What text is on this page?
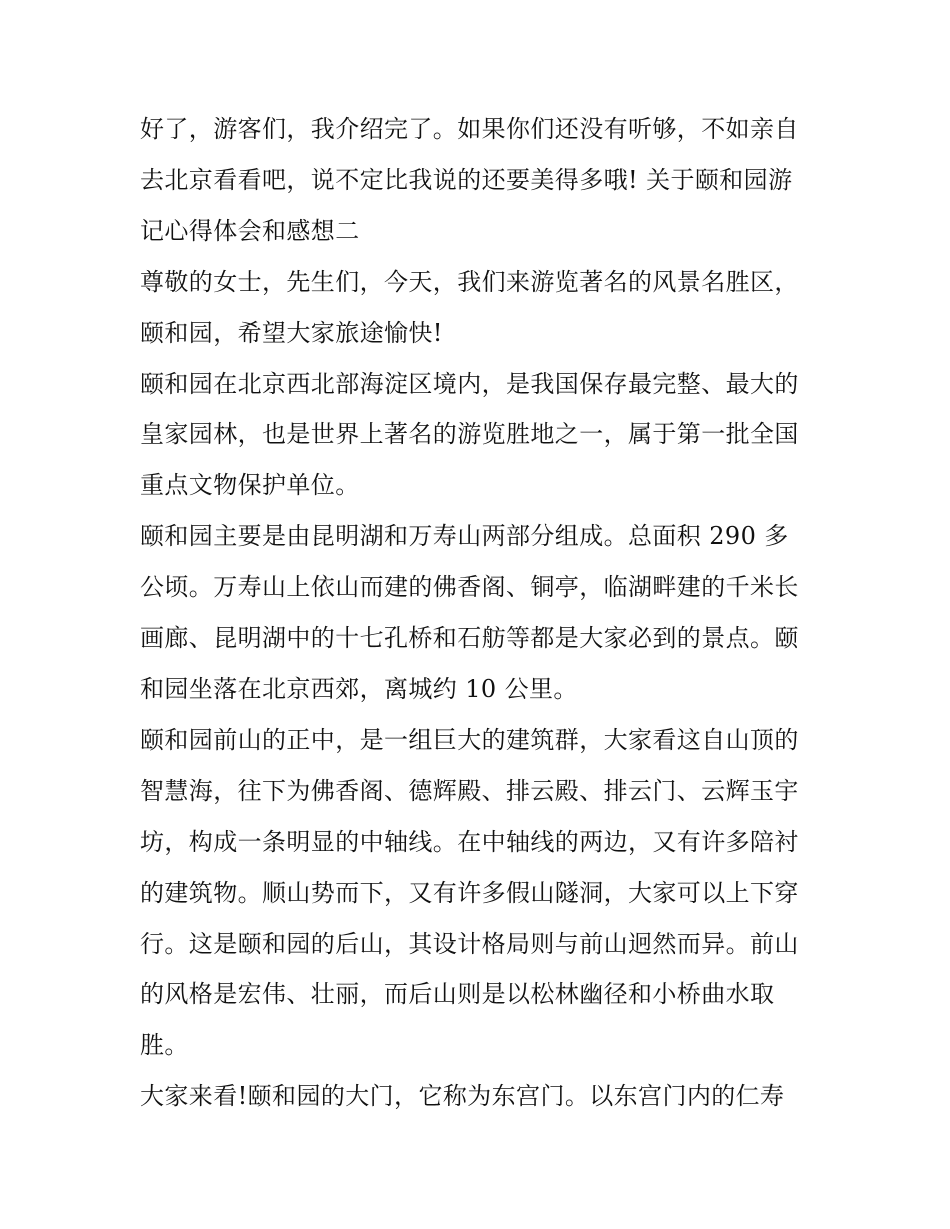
好了，游客们，我介绍完了。如果你们还没有听够，不如亲自去北京看看吧，说不定比我说的还要美得多哦! 关于颐和园游记心得体会和感想二

尊敬的女士，先生们，今天，我们来游览著名的风景名胜区，颐和园，希望大家旅途愉快!

颐和园在北京西北部海淀区境内，是我国保存最完整、最大的皇家园林，也是世界上著名的游览胜地之一，属于第一批全国重点文物保护单位。

颐和园主要是由昆明湖和万寿山两部分组成。总面积 290 多公顷。万寿山上依山而建的佛香阁、铜亭，临湖畔建的千米长画廊、昆明湖中的十七孔桥和石舫等都是大家必到的景点。颐和园坐落在北京西郊，离城约 10 公里。

颐和园前山的正中，是一组巨大的建筑群，大家看这自山顶的智慧海，往下为佛香阁、德辉殿、排云殿、排云门、云辉玉宇坊，构成一条明显的中轴线。在中轴线的两边，又有许多陪衬的建筑物。顺山势而下，又有许多假山隧洞，大家可以上下穿行。这是颐和园的后山，其设计格局则与前山迥然而异。前山的风格是宏伟、壮丽，而后山则是以松林幽径和小桥曲水取胜。

大家来看!颐和园的大门，它称为东宫门。以东宫门内的仁寿
